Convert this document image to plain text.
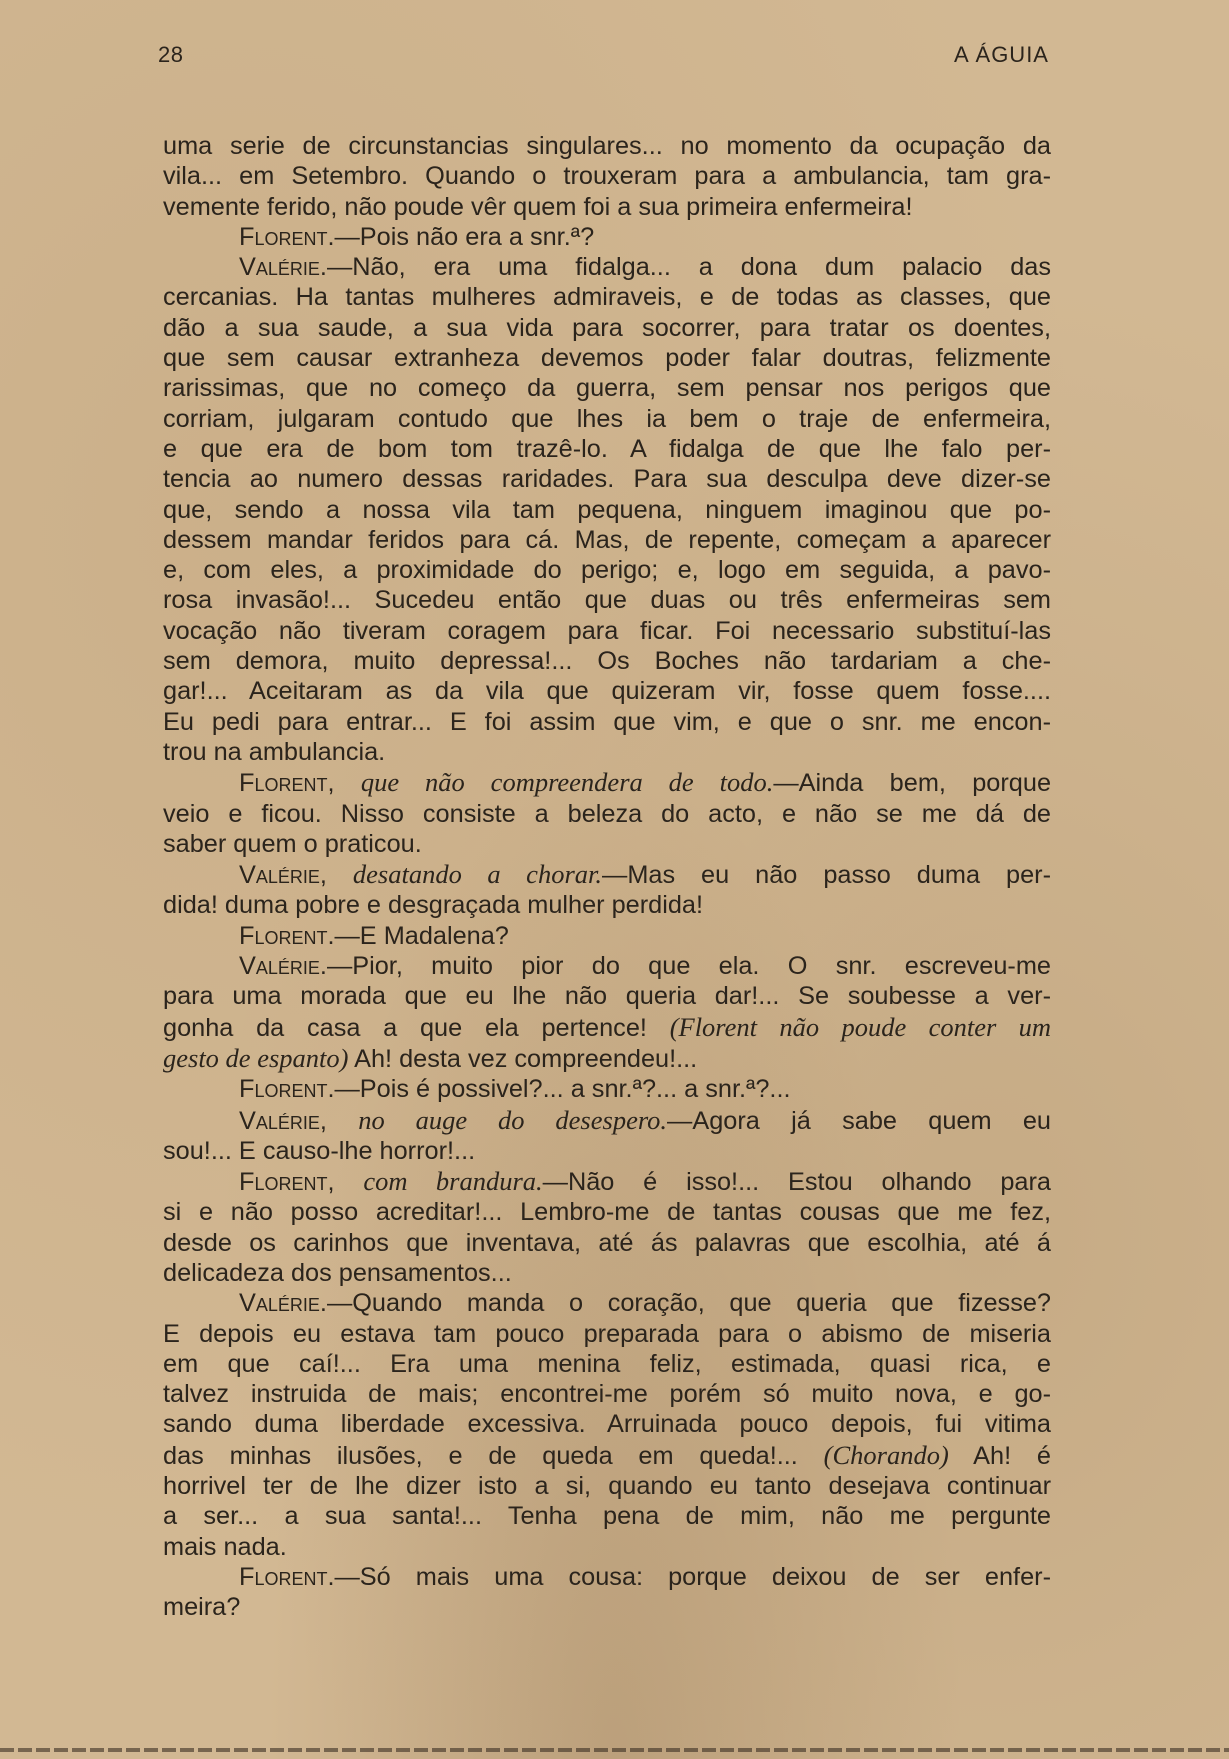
28	A ÁGUIA
uma serie de circunstancias singulares... no momento da ocupação da
vila... em Setembro. Quando o trouxeram para a ambulancia, tam gra-
vemente ferido, não poude vêr quem foi a sua primeira enfermeira!
Florent.—Pois não era a snr.ª?
Valérie.—Não, era uma fidalga... a dona dum palacio das
cercanias. Ha tantas mulheres admiraveis, e de todas as classes, que
dão a sua saude, a sua vida para socorrer, para tratar os doentes,
que sem causar extranheza devemos poder falar doutras, felizmente
rarissimas, que no começo da guerra, sem pensar nos perigos que
corriam, julgaram contudo que lhes ia bem o traje de enfermeira,
e que era de bom tom trazê-lo. A fidalga de que lhe falo per-
tencia ao numero dessas raridades. Para sua desculpa deve dizer-se
que, sendo a nossa vila tam pequena, ninguem imaginou que po-
dessem mandar feridos para cá. Mas, de repente, começam a aparecer
e, com eles, a proximidade do perigo; e, logo em seguida, a pavo-
rosa invasão!... Sucedeu então que duas ou três enfermeiras sem
vocação não tiveram coragem para ficar. Foi necessario substituí-las
sem demora, muito depressa!... Os Boches não tardariam a che-
gar!... Aceitaram as da vila que quizeram vir, fosse quem fosse....
Eu pedi para entrar... E foi assim que vim, e que o snr. me encon-
trou na ambulancia.
Florent, que não compreendera de todo.—Ainda bem, porque
veio e ficou. Nisso consiste a beleza do acto, e não se me dá de
saber quem o praticou.
Valérie, desatando a chorar.—Mas eu não passo duma per-
dida! duma pobre e desgraçada mulher perdida!
Florent.—E Madalena?
Valérie.—Pior, muito pior do que ela. O snr. escreveu-me
para uma morada que eu lhe não queria dar!... Se soubesse a ver-
gonha da casa a que ela pertence! (Florent não poude conter um
gesto de espanto) Ah! desta vez compreendeu!...
Florent.—Pois é possivel?... a snr.ª?... a snr.ª?...
Valérie, no auge do desespero.—Agora já sabe quem eu
sou!... E causo-lhe horror!...
Florent, com brandura.—Não é isso!... Estou olhando para
si e não posso acreditar!... Lembro-me de tantas cousas que me fez,
desde os carinhos que inventava, até ás palavras que escolhia, até á
delicadeza dos pensamentos...
Valérie.—Quando manda o coração, que queria que fizesse?
E depois eu estava tam pouco preparada para o abismo de miseria
em que caí!... Era uma menina feliz, estimada, quasi rica, e
talvez instruida de mais; encontrei-me porém só muito nova, e go-
sando duma liberdade excessiva. Arruinada pouco depois, fui vitima
das minhas ilusões, e de queda em queda!... (Chorando) Ah! é
horrivel ter de lhe dizer isto a si, quando eu tanto desejava continuar
a ser... a sua santa!... Tenha pena de mim, não me pergunte
mais nada.
Florent.—Só mais uma cousa: porque deixou de ser enfer-
meira?
